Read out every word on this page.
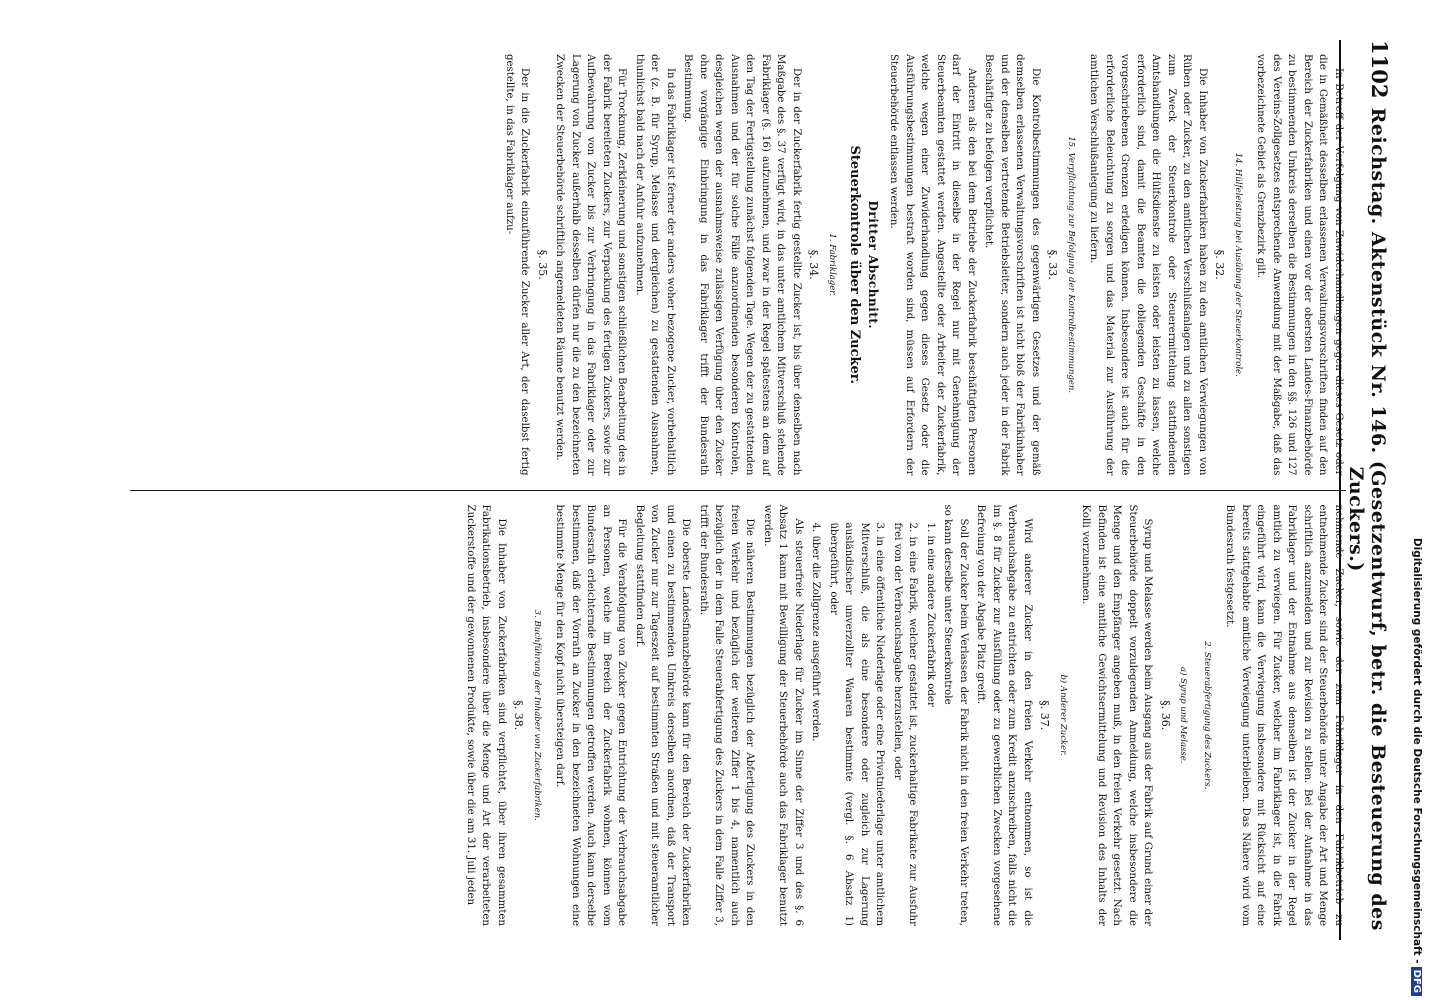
1102
Reichstag. Aktenstück Nr. 146. (Gesetzentwurf, betr. die Besteuerung des Zuckers.)

In Betreff der Verfolgung von Zuwiderhandlungen gegen dieses Gesetz oder die in Gemäßheit desselben erlassenen Verwaltungsvorschriften finden auf den Bereich der Zuckerfabriken und einen vor der obersten Landes-Finanzbehörde zu bestimmenden Umkreis derselben die Bestimmungen in den §§. 126 und 127 des Vereins-Zollgesetzes entsprechende Anwendung mit der Maßgabe, daß das vorbezeichnete Gebiet als Grenzbezirk gilt.

14. Hülfeleistung bei Ausübung der Steuerkontrole.
§. 32.

Die Inhaber von Zuckerfabriken haben zu den amtlichen Verwiegungen von Rüben oder Zucker, zu den amtlichen Verschlußanlagen und zu allen sonstigen zum Zweck der Steuerkontrole oder Steuerermittelung stattfindenden Amtshandlungen die Hülfsdienste zu leisten oder leisten zu lassen, welche erforderlich sind, damit die Beamten die obliegenden Geschäfte in den vorgeschriebenen Grenzen erledigen können. Insbesondere ist auch für die erforderliche Beleuchtung zu sorgen und das Material zur Ausführung der amtlichen Verschlußanlegung zu liefern.

15. Verpflichtung zur Befolgung der Kontrolbestimmungen.
§. 33.

Die Kontrolbestimmungen des gegenwärtigen Gesetzes und der gemäß demselben erlassenen Verwaltungsvorschriften ist nicht bloß der Fabrikinhaber und der denselben vertretende Betriebsleiter, sondern auch jeder in der Fabrik Beschäftigte zu befolgen verpflichtet.

Anderen als den bei dem Betriebe der Zuckerfabrik beschäftigten Personen darf der Eintritt in dieselbe in der Regel nur mit Genehmigung der Steuerbeamten gestattet werden. Angestellte oder Arbeiter der Zuckerfabrik, welche wegen einer Zuwiderhandlung gegen dieses Gesetz oder die Ausführungsbestimmungen bestraft worden sind, müssen auf Erfordern der Steuerbehörde entlassen werden.

Dritter Abschnitt.
Steuerkontrole über den Zucker.
1. Fabriklager.
§. 34.

Der in der Zuckerfabrik fertig gestellte Zucker ist, bis über denselben nach Maßgabe des §. 37 verfügt wird, in das unter amtlichem Mitverschluß stehende Fabriklager (§. 16) aufzunehmen, und zwar in der Regel spätestens an dem auf den Tag der Fertigstellung zunächst folgenden Tage. Wegen der zu gestattenden Ausnahmen und der für solche Fälle anzuordnenden besonderen Kontrolen, desgleichen wegen der ausnahmsweise zulässigen Verfügung über den Zucker ohne vorgängige Einbringung in das Fabriklager trifft der Bundesrath Bestimmung.

In das Fabriklager ist ferner der anders woher bezogene Zucker, vorbehaltlich der (z. B. für Syrup, Melasse und dergleichen) zu gestattenden Ausnahmen, thunlichst bald nach der Anfuhr aufzunehmen.

Für Trocknung, Zerkleinerung und sonstigen schließlichen Bearbeitung des in der Fabrik bereiteten Zuckers, zur Verpackung des fertigen Zuckers, sowie zur Aufbewahrung von Zucker bis zur Verbringung in das Fabriklager oder zur Lagerung von Zucker außerhalb desselben dürfen nur die zu den bezeichneten Zwecken der Steuerbehörde schriftlich angemeldeten Räume benutzt werden.

§. 35.

Der in die Zuckerfabrik einzuführende Zucker aller Art, der daselbst fertig gestellte, in das Fabriklager aufzu-

nehmende Zucker, sowie der zum Fabriklager in den Fabrikbetrieb zu entnehmende Zucker sind der Steuerbehörde unter Angabe der Art und Menge schriftlich anzumelden und zur Revision zu stellen. Bei der Aufnahme in das Fabriklager und der Entnahme aus demselben ist der Zucker in der Regel amtlich zu verwiegen. Für Zucker, welcher im Fabriklager ist, in die Fabrik eingeführt wird, kann die Verwiegung insbesondere mit Rücksicht auf eine bereits stattgehabte amtliche Verwiegung unterbleiben. Das Nähere wird vom Bundesrath festgesetzt.

2. Steuerabfertigung des Zuckers.
a) Syrup und Melasse.
§. 36.

Syrup und Melasse werden beim Ausgang aus der Fabrik auf Grund einer der Steuerbehörde doppelt vorzulegenden Anmeldung, welche insbesondere die Menge und den Empfänger angeben muß, in den freien Verkehr gesetzt. Nach Befinden ist eine amtliche Gewichtsermittelung und Revision des Inhalts der Kolli vorzunehmen.

b) Anderer Zucker.
§. 37.

Wird anderer Zucker in den freien Verkehr entnommen, so ist die Verbrauchsabgabe zu entrichten oder zum Kredit anzuschreiben, falls nicht die im §. 8 für Zucker zur Ausfüllung oder zu gewerblichen Zwecken vorgesehene Befreiung von der Abgabe Platz greift.

Soll der Zucker beim Verlassen der Fabrik nicht in den freien Verkehr treten, so kann derselbe unter Steuerkontrole

1. in eine andere Zuckerfabrik oder

2. in eine Fabrik, welcher gestattet ist, zuckerhaltige Fabrikate zur Ausfuhr frei von der Verbrauchsabgabe herzustellen, oder

3. in eine öffentliche Niederlage oder eine Privatniederlage unter amtlichem Mitverschluß, die als eine besondere oder zugleich zur Lagerung ausländischer unverzollter Waaren bestimmte (vergl. §. 6 Absatz 1) übergeführt, oder

4. über die Zollgrenze ausgeführt werden.

Als steuerfreie Niederlage für Zucker im Sinne der Ziffer 3 und des §. 6 Absatz 1 kann mit Bewilligung der Steuerbehörde auch das Fabriklager benutzt werden.

Die näheren Bestimmungen bezüglich der Abfertigung des Zuckers in den freien Verkehr und bezüglich der weiteren Ziffer 1 bis 4, namentlich auch bezüglich der in dem Falle Steuerabfertigung des Zuckers in dem Falle Ziffer 3, trifft der Bundesrath.

Die oberste Landesfinanzbehörde kann für den Bereich der Zuckerfabriken und einen zu bestimmenden Umkreis derselben anordnen, daß der Transport von Zucker nur zur Tageszeit auf bestimmten Straßen und mit steueramtlicher Begleitung stattfinden darf.

Für die Verabfolgung von Zucker gegen Entrichtung der Verbrauchsabgabe an Personen, welche im Bereich der Zuckerfabrik wohnen, können vom Bundesrath erleichternde Bestimmungen getroffen werden. Auch kann derselbe bestimmen, daß der Vorrath an Zucker in den bezeichneten Wohnungen eine bestimmte Menge für den Kopf nicht übersteigen darf.

3. Buchführung der Inhaber von Zuckerfabriken.
§. 38.

Die Inhaber von Zuckerfabriken sind verpflichtet, über ihren gesammten Fabrikationsbetrieb, insbesondere über die Menge und Art der verarbeiteten Zuckerstoffe und der gewonnenen Produkte, sowie über die am 31. Juli jeden	Digitalisierung gefördert durch die Deutsche Forschungsgemeinschaft -
DFG
